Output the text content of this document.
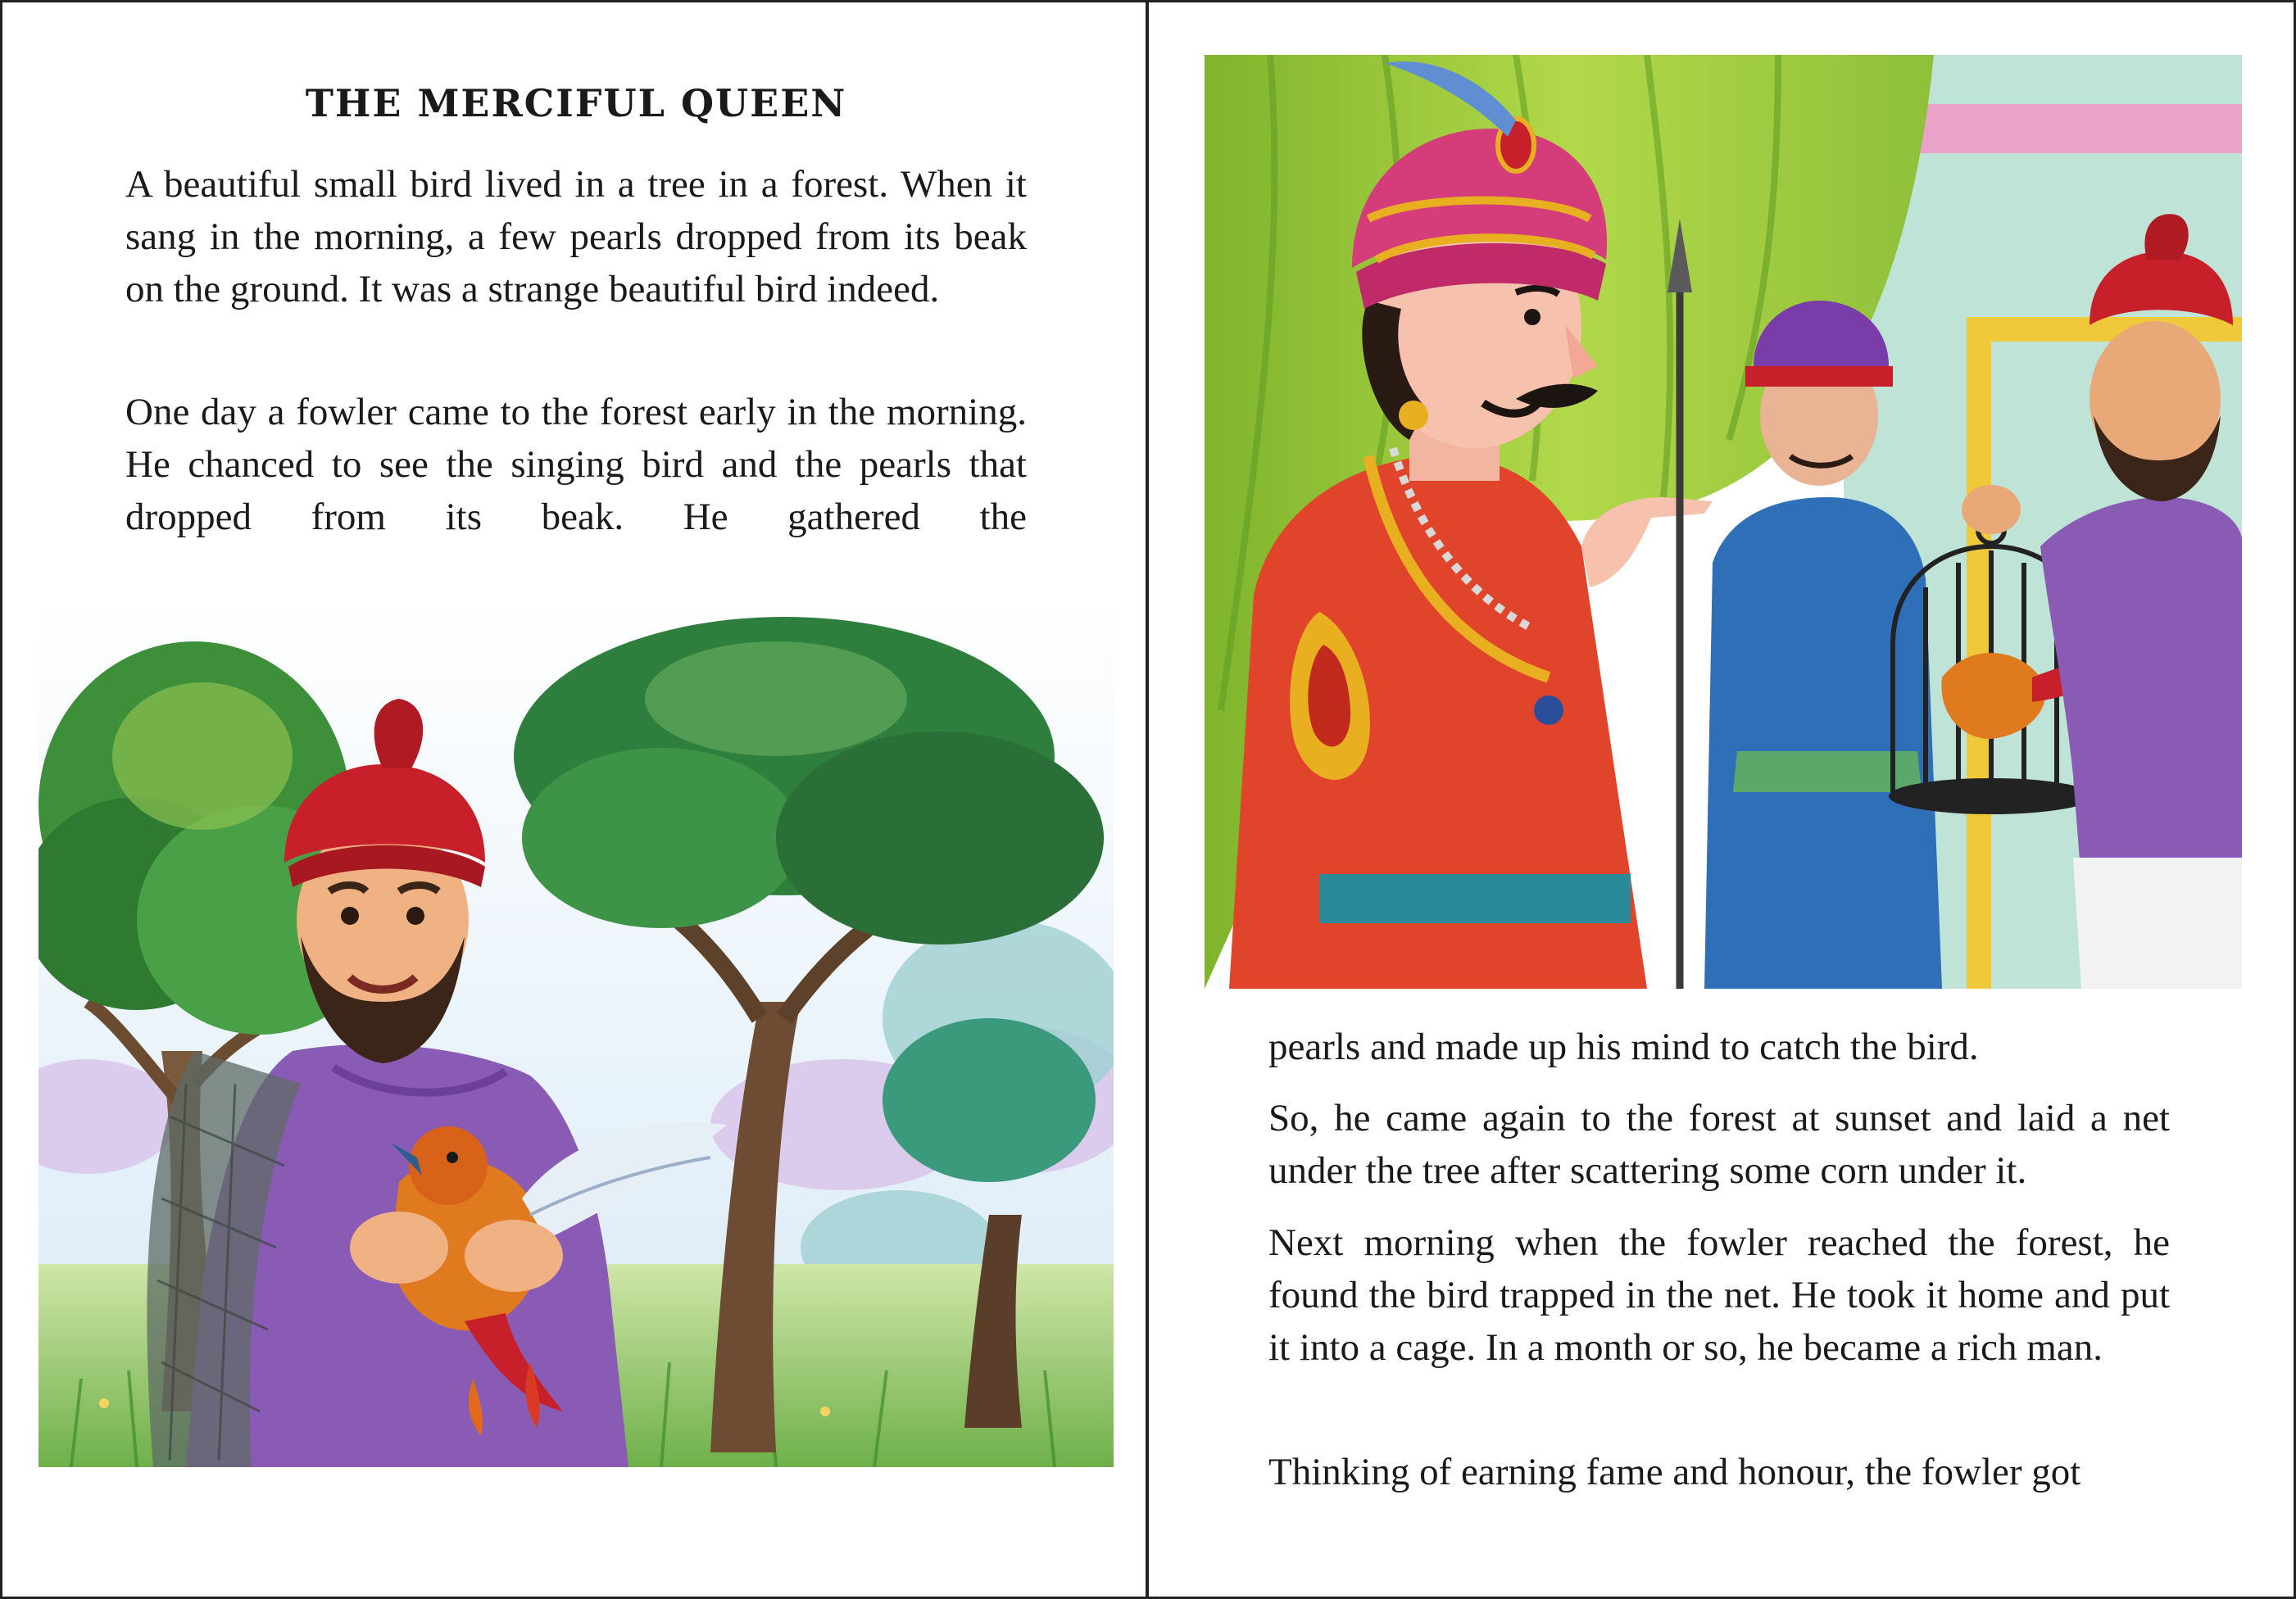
THE MERCIFUL QUEEN

A beautiful small bird lived in a tree in a forest. When it sang in the morning, a few pearls dropped from its beak on the ground. It was a strange beautiful bird indeed.

One day a fowler came to the forest early in the morning. He chanced to see the singing bird and the pearls that dropped from its beak. He gathered the

pearls and made up his mind to catch the bird.

So, he came again to the forest at sunset and laid a net under the tree after scattering some corn under it.

Next morning when the fowler reached the forest, he found the bird trapped in the net. He took it home and put it into a cage. In a month or so, he became a rich man.

Thinking of earning fame and honour, the fowler got
